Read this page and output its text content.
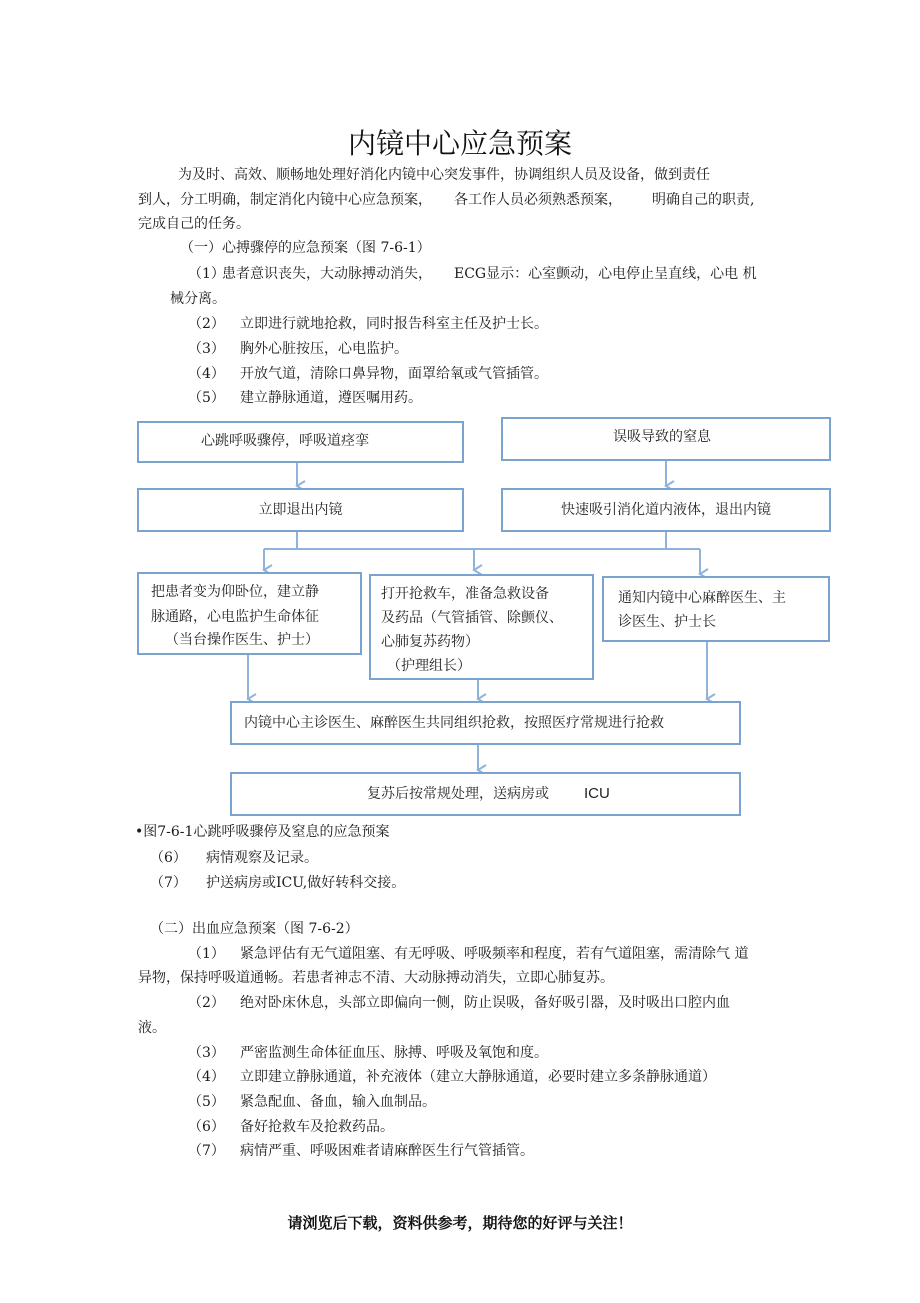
内镜中心应急预案
为及时、高效、顺畅地处理好消化内镜中心突发事件，协调组织人员及设备，做到责任
到人，分工明确，制定消化内镜中心应急预案， 各工作人员必须熟悉预案， 明确自己的职责,
完成自己的任务。
（一）心搏骤停的应急预案（图 7-6-1）
（1）患者意识丧失，大动脉搏动消失， ECG显示：心室颤动，心电停止呈直线，心电 机
械分离。
（2） 立即进行就地抢救，同时报告科室主任及护士长。
（3） 胸外心脏按压，心电监护。
（4） 开放气道，清除口鼻异物，面罩给氧或气管插管。
（5） 建立静脉通道，遵医嘱用药。
心跳呼吸骤停，呼吸道痉挛	误吸导致的窒息
立即退出内镜	快速吸引消化道内液体，退出内镜
把患者变为仰卧位，建立静
脉通路，心电监护生命体征
（当台操作医生、护士）
打开抢救车，准备急救设备
及药品（气管插管、除颤仪、
心肺复苏药物）
（护理组长）
通知内镜中心麻醉医生、主
诊医生、护士长
内镜中心主诊医生、麻醉医生共同组织抢救，按照医疗常规进行抢救
复苏后按常规处理，送病房或 ICU
•图7-6-1心跳呼吸骤停及窒息的应急预案
（6） 病情观察及记录。
（7） 护送病房或ICU,做好转科交接。
（二）出血应急预案（图 7-6-2）
（1） 紧急评估有无气道阻塞、有无呼吸、呼吸频率和程度，若有气道阻塞，需清除气 道
异物，保持呼吸道通畅。若患者神志不清、大动脉搏动消失，立即心肺复苏。
（2） 绝对卧床休息，头部立即偏向一侧，防止误吸，备好吸引器，及时吸出口腔内血
液。
（3） 严密监测生命体征血压、脉搏、呼吸及氧饱和度。
（4） 立即建立静脉通道，补充液体（建立大静脉通道，必要时建立多条静脉通道）
（5） 紧急配血、备血，输入血制品。
（6） 备好抢救车及抢救药品。
（7） 病情严重、呼吸困难者请麻醉医生行气管插管。
请浏览后下载，资料供参考，期待您的好评与关注！
